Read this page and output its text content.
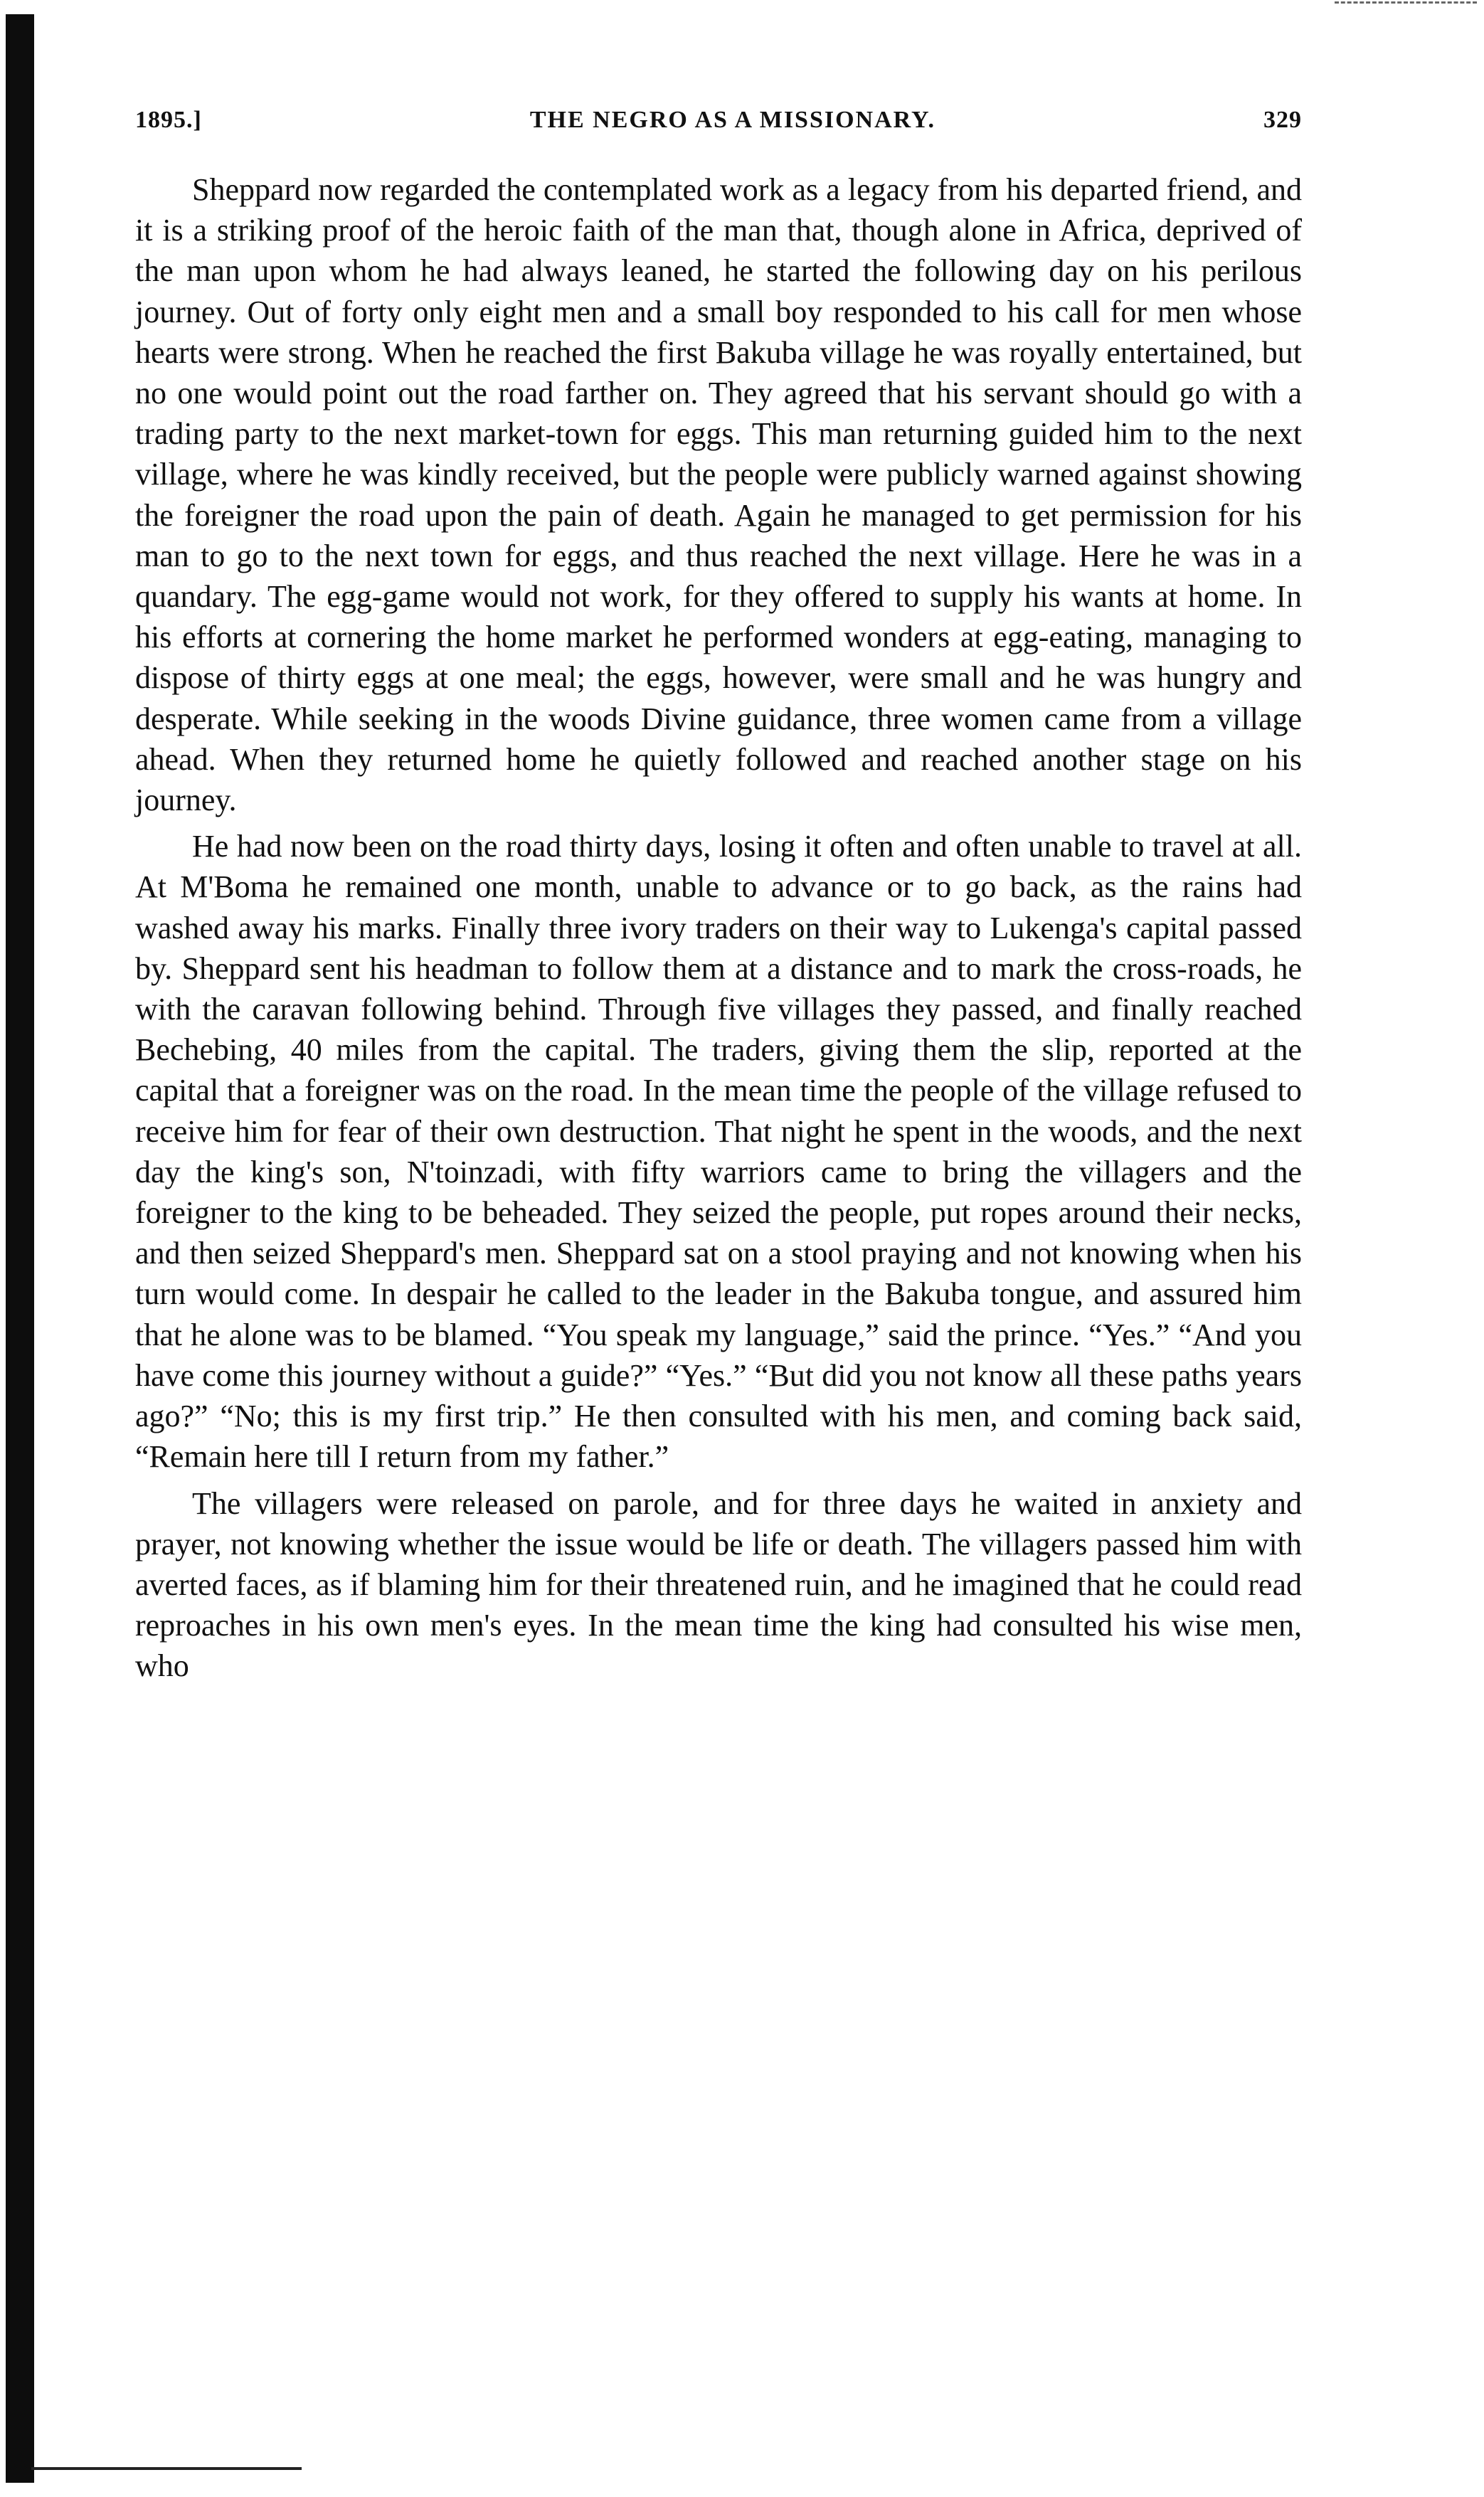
1895.]	THE NEGRO AS A MISSIONARY.	329

Sheppard now regarded the contemplated work as a legacy from his departed friend, and it is a striking proof of the heroic faith of the man that, though alone in Africa, deprived of the man upon whom he had always leaned, he started the following day on his perilous journey. Out of forty only eight men and a small boy responded to his call for men whose hearts were strong. When he reached the first Bakuba village he was royally entertained, but no one would point out the road farther on. They agreed that his servant should go with a trading party to the next market-town for eggs. This man returning guided him to the next village, where he was kindly received, but the people were publicly warned against showing the foreigner the road upon the pain of death. Again he managed to get permission for his man to go to the next town for eggs, and thus reached the next village. Here he was in a quandary. The egg-game would not work, for they offered to supply his wants at home. In his efforts at cornering the home market he performed wonders at egg-eating, managing to dispose of thirty eggs at one meal; the eggs, however, were small and he was hungry and desperate. While seeking in the woods Divine guidance, three women came from a village ahead. When they returned home he quietly followed and reached another stage on his journey.

He had now been on the road thirty days, losing it often and often unable to travel at all. At M'Boma he remained one month, unable to advance or to go back, as the rains had washed away his marks. Finally three ivory traders on their way to Lukenga's capital passed by. Sheppard sent his headman to follow them at a distance and to mark the cross-roads, he with the caravan following behind. Through five villages they passed, and finally reached Bechebing, 40 miles from the capital. The traders, giving them the slip, reported at the capital that a foreigner was on the road. In the mean time the people of the village refused to receive him for fear of their own destruction. That night he spent in the woods, and the next day the king's son, N'toinzadi, with fifty warriors came to bring the villagers and the foreigner to the king to be beheaded. They seized the people, put ropes around their necks, and then seized Sheppard's men. Sheppard sat on a stool praying and not knowing when his turn would come. In despair he called to the leader in the Bakuba tongue, and assured him that he alone was to be blamed. “You speak my language,” said the prince. “Yes.” “And you have come this journey without a guide?” “Yes.” “But did you not know all these paths years ago?” “No; this is my first trip.” He then consulted with his men, and coming back said, “Remain here till I return from my father.”

The villagers were released on parole, and for three days he waited in anxiety and prayer, not knowing whether the issue would be life or death. The villagers passed him with averted faces, as if blaming him for their threatened ruin, and he imagined that he could read reproaches in his own men's eyes. In the mean time the king had consulted his wise men, who
